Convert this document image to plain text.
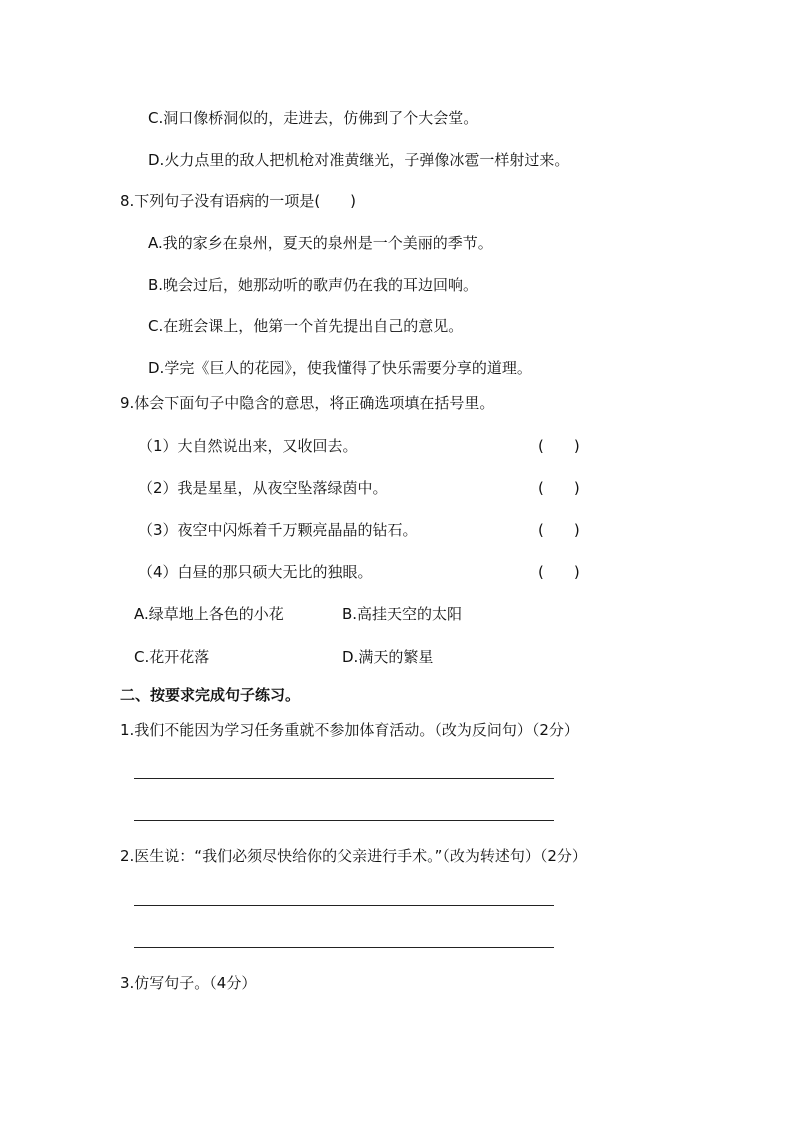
C.洞口像桥洞似的，走进去，仿佛到了个大会堂。
D.火力点里的敌人把机枪对准黄继光，子弹像冰雹一样射过来。
8.下列句子没有语病的一项是(　　)
A.我的家乡在泉州，夏天的泉州是一个美丽的季节。
B.晚会过后，她那动听的歌声仍在我的耳边回响。
C.在班会课上，他第一个首先提出自己的意见。
D.学完《巨人的花园》，使我懂得了快乐需要分享的道理。
9.体会下面句子中隐含的意思，将正确选项填在括号里。
（1）大自然说出来，又收回去。	(　　)
（2）我是星星，从夜空坠落绿茵中。	(　　)
（3）夜空中闪烁着千万颗亮晶晶的钻石。	(　　)
（4）白昼的那只硕大无比的独眼。	(　　)
A.绿草地上各色的小花	B.高挂天空的太阳
C.花开花落	D.满天的繁星
二、按要求完成句子练习。
1.我们不能因为学习任务重就不参加体育活动。（改为反问句）（2分）
2.医生说：“我们必须尽快给你的父亲进行手术。”（改为转述句）（2分）
3.仿写句子。（4分）
